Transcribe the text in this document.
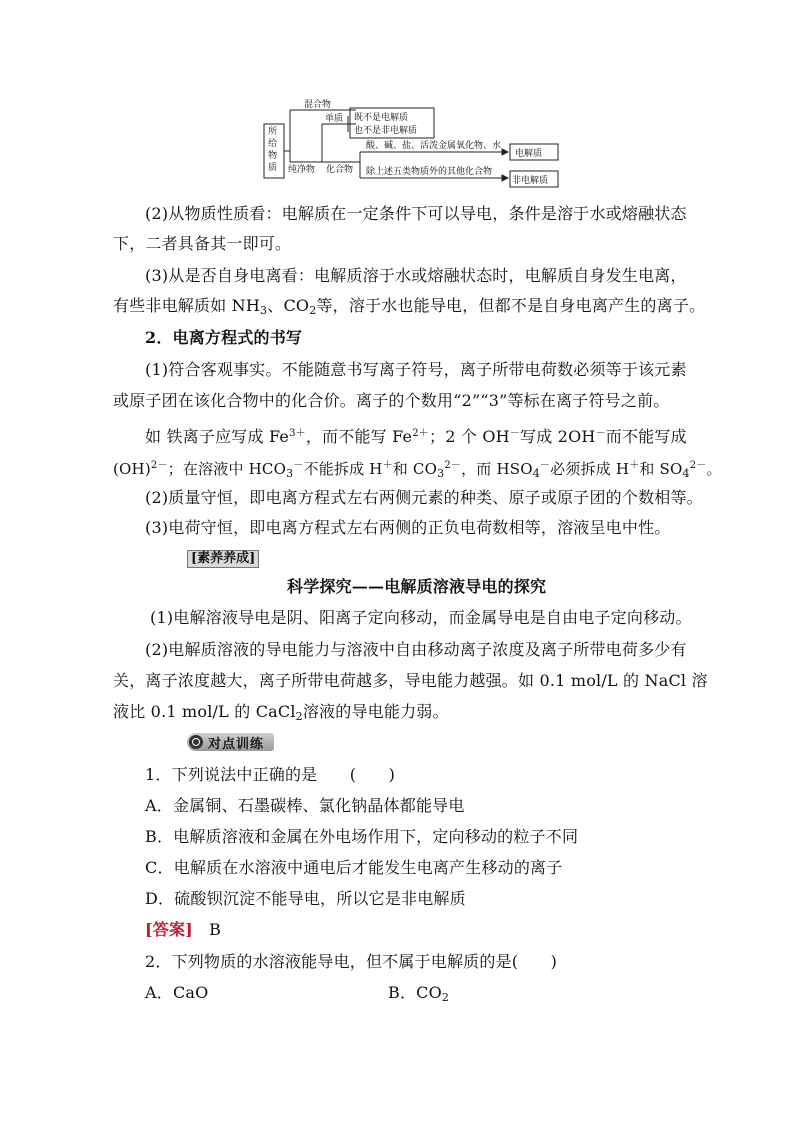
所
给
物
质
混合物
单质
纯净物 化合物
既不是电解质
也不是非电解质
酸、碱、盐、活泼金属氧化物、水
除上述五类物质外的其他化合物
电解质
非电解质

(2)从物质性质看：电解质在一定条件下可以导电，条件是溶于水或熔融状态

下，二者具备其一即可。

(3)从是否自身电离看：电解质溶于水或熔融状态时，电解质自身发生电离，

有些非电解质如 $NH_3$、$CO_2$等，溶于水也能导电，但都不是自身电离产生的离子。

2．电离方程式的书写

(1)符合客观事实。不能随意书写离子符号，离子所带电荷数必须等于该元素

或原子团在该化合物中的化合价。离子的个数用“2”“3”等标在离子符号之前。

如 铁离子应写成 $Fe^{3+}$，而不能写 $Fe^{2+}$；2 个 OH－写成 2OH－而不能写成

(OH)$^{2-}$；在溶液中 $HCO_3^-$不能拆成 H＋和 $CO_3^{2-}$，而 $HSO_4^-$必须拆成 H＋和 $SO_4^{2-}$。

(2)质量守恒，即电离方程式左右两侧元素的种类、原子或原子团的个数相等。

(3)电荷守恒，即电离方程式左右两侧的正负电荷数相等，溶液呈电中性。

[素养养成]

科学探究——电解质溶液导电的探究

(1)电解溶液导电是阴、阳离子定向移动，而金属导电是自由电子定向移动。

(2)电解质溶液的导电能力与溶液中自由移动离子浓度及离子所带电荷多少有

关，离子浓度越大，离子所带电荷越多，导电能力越强。如 0.1 mol/L 的 NaCl 溶

液比 0.1 mol/L 的 CaCl$_2$溶液的导电能力弱。

对点训练

1．下列说法中正确的是　　(　　)

A．金属铜、石墨碳棒、氯化钠晶体都能导电

B．电解质溶液和金属在外电场作用下，定向移动的粒子不同

C．电解质在水溶液中通电后才能发生电离产生移动的离子

D．硫酸钡沉淀不能导电，所以它是非电解质

[答案]　 B

2．下列物质的水溶液能导电，但不属于电解质的是(　　)

A．CaO	B．$CO_2$
